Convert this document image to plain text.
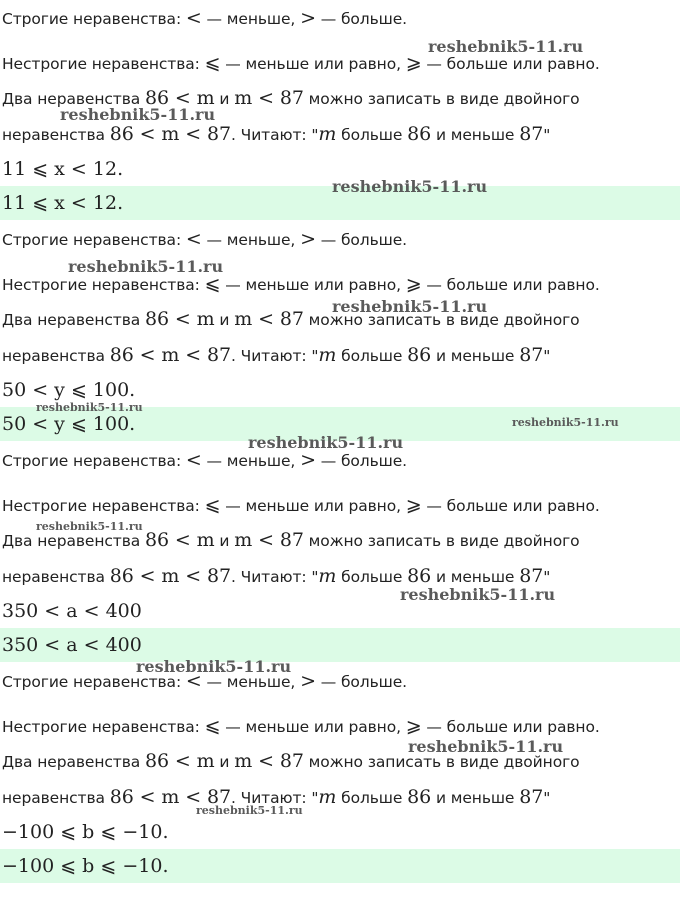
Строгие неравенства: < — меньше, > — больше.
Нестрогие неравенства: ⩽ — меньше или равно, ⩾ — больше или равно.
Два неравенства 86 < m и m < 87 можно записать в виде двойного
неравенства 86 < m < 87. Читают: "m больше 86 и меньше 87"
11 ⩽ x < 12.
11 ⩽ x < 12.
Строгие неравенства: < — меньше, > — больше.
Нестрогие неравенства: ⩽ — меньше или равно, ⩾ — больше или равно.
Два неравенства 86 < m и m < 87 можно записать в виде двойного
неравенства 86 < m < 87. Читают: "m больше 86 и меньше 87"
50 < y ⩽ 100.
50 < y ⩽ 100.
Строгие неравенства: < — меньше, > — больше.
Нестрогие неравенства: ⩽ — меньше или равно, ⩾ — больше или равно.
Два неравенства 86 < m и m < 87 можно записать в виде двойного
неравенства 86 < m < 87. Читают: "m больше 86 и меньше 87"
350 < a < 400
350 < a < 400
Строгие неравенства: < — меньше, > — больше.
Нестрогие неравенства: ⩽ — меньше или равно, ⩾ — больше или равно.
Два неравенства 86 < m и m < 87 можно записать в виде двойного
неравенства 86 < m < 87. Читают: "m больше 86 и меньше 87"
−100 ⩽ b ⩽ −10.
−100 ⩽ b ⩽ −10.
reshebnik5-11.ru
reshebnik5-11.ru
reshebnik5-11.ru
reshebnik5-11.ru
reshebnik5-11.ru
reshebnik5-11.ru
reshebnik5-11.ru
reshebnik5-11.ru
reshebnik5-11.ru
reshebnik5-11.ru
reshebnik5-11.ru
reshebnik5-11.ru
reshebnik5-11.ru
